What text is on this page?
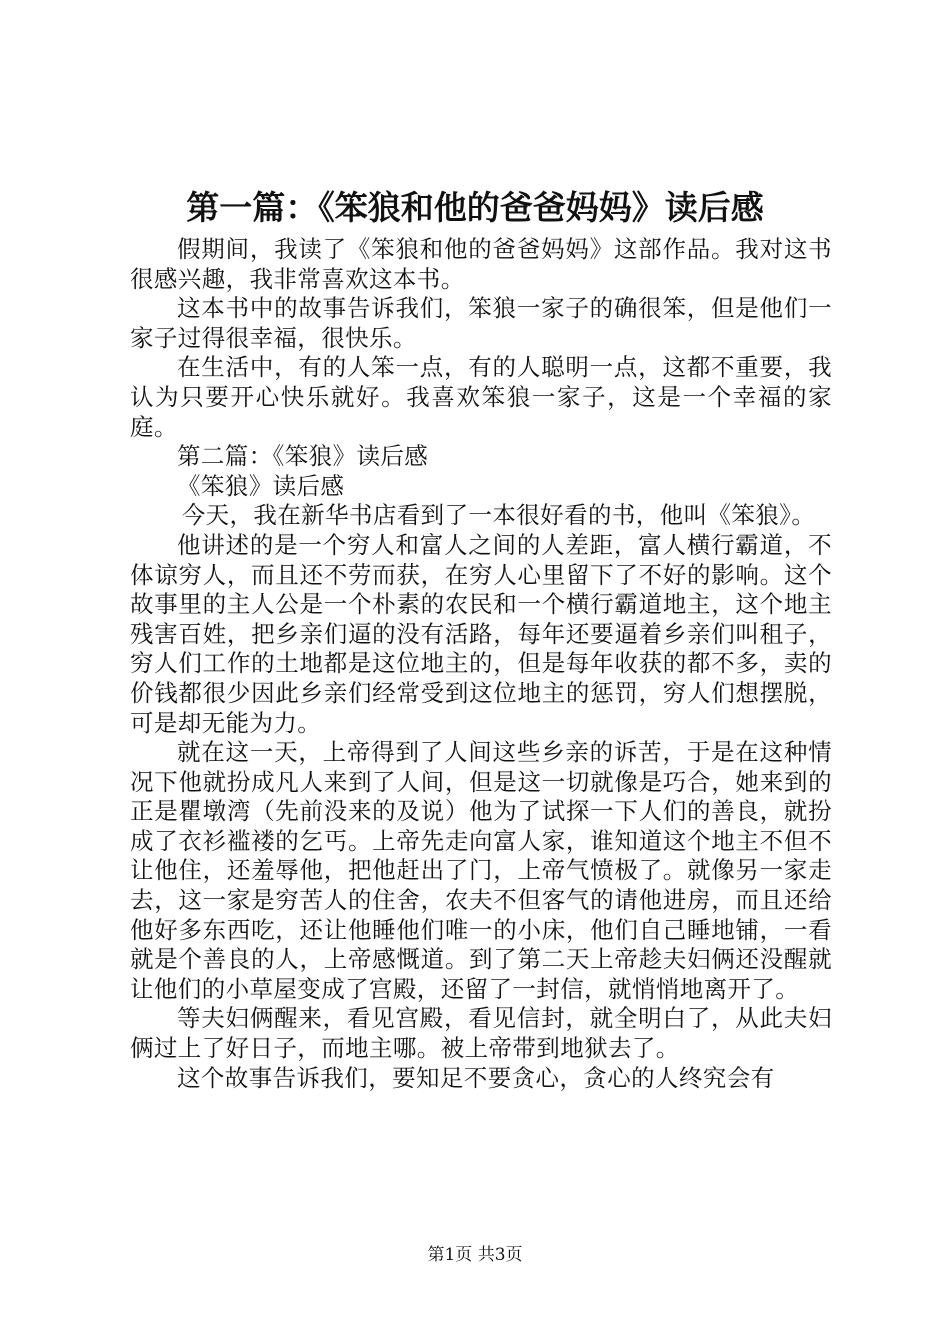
第一篇：《笨狼和他的爸爸妈妈》读后感

假期间，我读了《笨狼和他的爸爸妈妈》这部作品。我对这书很感兴趣，我非常喜欢这本书。

这本书中的故事告诉我们，笨狼一家子的确很笨，但是他们一家子过得很幸福，很快乐。

在生活中，有的人笨一点，有的人聪明一点，这都不重要，我认为只要开心快乐就好。我喜欢笨狼一家子，这是一个幸福的家庭。

第二篇：《笨狼》读后感

《笨狼》读后感

今天，我在新华书店看到了一本很好看的书，他叫《笨狼》。

他讲述的是一个穷人和富人之间的人差距，富人横行霸道，不体谅穷人，而且还不劳而获，在穷人心里留下了不好的影响。这个故事里的主人公是一个朴素的农民和一个横行霸道地主，这个地主残害百姓，把乡亲们逼的没有活路，每年还要逼着乡亲们叫租子，穷人们工作的土地都是这位地主的，但是每年收获的都不多，卖的价钱都很少因此乡亲们经常受到这位地主的惩罚，穷人们想摆脱，可是却无能为力。

就在这一天，上帝得到了人间这些乡亲的诉苦，于是在这种情况下他就扮成凡人来到了人间，但是这一切就像是巧合，她来到的正是瞿墩湾（先前没来的及说）他为了试探一下人们的善良，就扮成了衣衫褴褛的乞丐。上帝先走向富人家，谁知道这个地主不但不让他住，还羞辱他，把他赶出了门，上帝气愤极了。就像另一家走去，这一家是穷苦人的住舍，农夫不但客气的请他进房，而且还给他好多东西吃，还让他睡他们唯一的小床，他们自己睡地铺，一看就是个善良的人，上帝感慨道。到了第二天上帝趁夫妇俩还没醒就让他们的小草屋变成了宫殿，还留了一封信，就悄悄地离开了。

等夫妇俩醒来，看见宫殿，看见信封，就全明白了，从此夫妇俩过上了好日子，而地主哪。被上帝带到地狱去了。

这个故事告诉我们，要知足不要贪心，贪心的人终究会有

第1页 共3页
